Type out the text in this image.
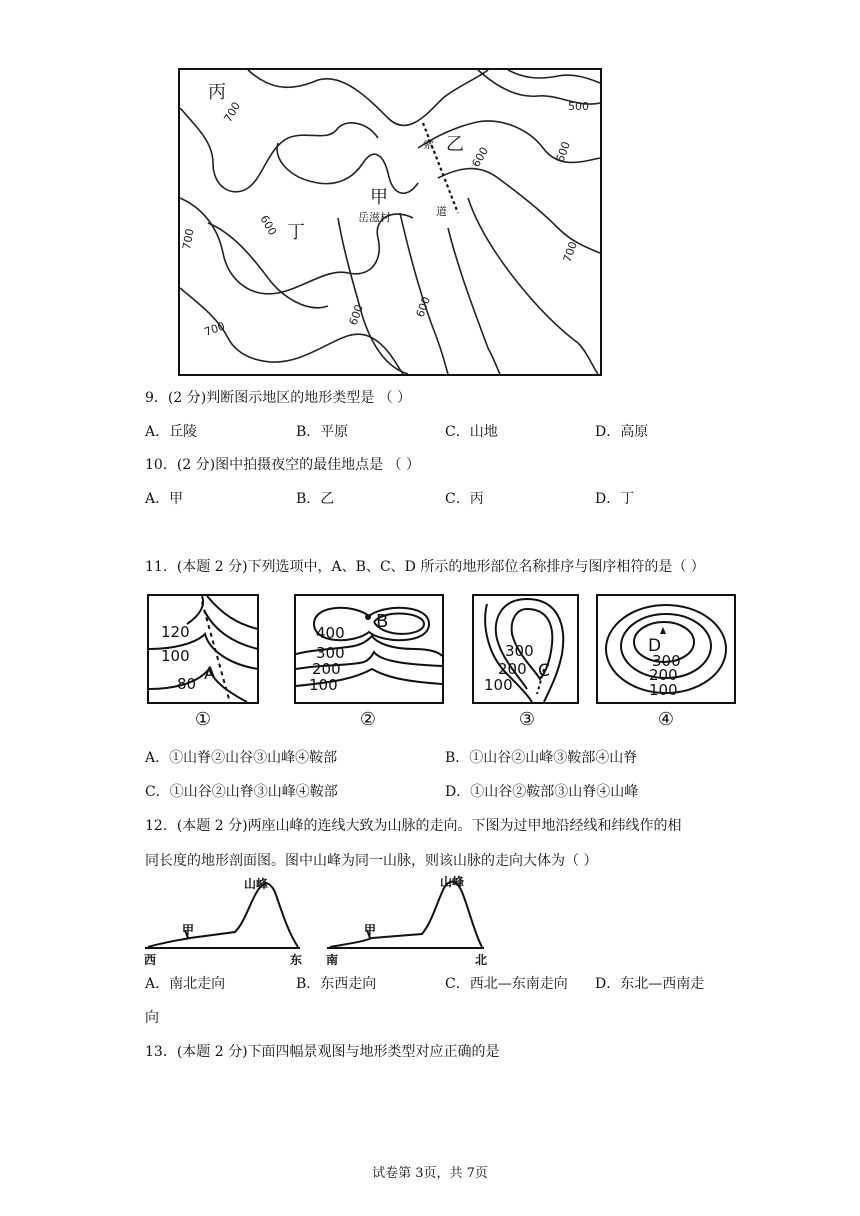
700	500
600	600
600
700
700
600	600
700
丙
乙
甲
丁
索
道
岳滋村
9．(2 分)判断图示地区的地形类型是 （ ）
A．丘陵	B．平原	C．山地	D．高原
10．(2 分)图中拍摄夜空的最佳地点是 （ ）
A．甲	B．乙	C．丙	D．丁
11．(本题 2 分)下列选项中，A、B、C、D 所示的地形部位名称排序与图序相符的是（ ）
120
100
80 A
①
400
300
200
100
B
②
300
200
100
C
③
D
300
200
100
④
A．①山脊②山谷③山峰④鞍部	B．①山谷②山峰③鞍部④山脊
C．①山谷②山脊③山峰④鞍部	D．①山谷②鞍部③山脊④山峰
12．(本题 2 分)两座山峰的连线大致为山脉的走向。下图为过甲地沿经线和纬线作的相
同长度的地形剖面图。图中山峰为同一山脉，则该山脉的走向大体为（ ）
山峰
甲
西	东
山峰
甲
南	北
A．南北走向	B．东西走向	C．西北—东南走向 D．东北—西南走
向
13．(本题 2 分)下面四幅景观图与地形类型对应正确的是
试卷第 3页，共 7页
